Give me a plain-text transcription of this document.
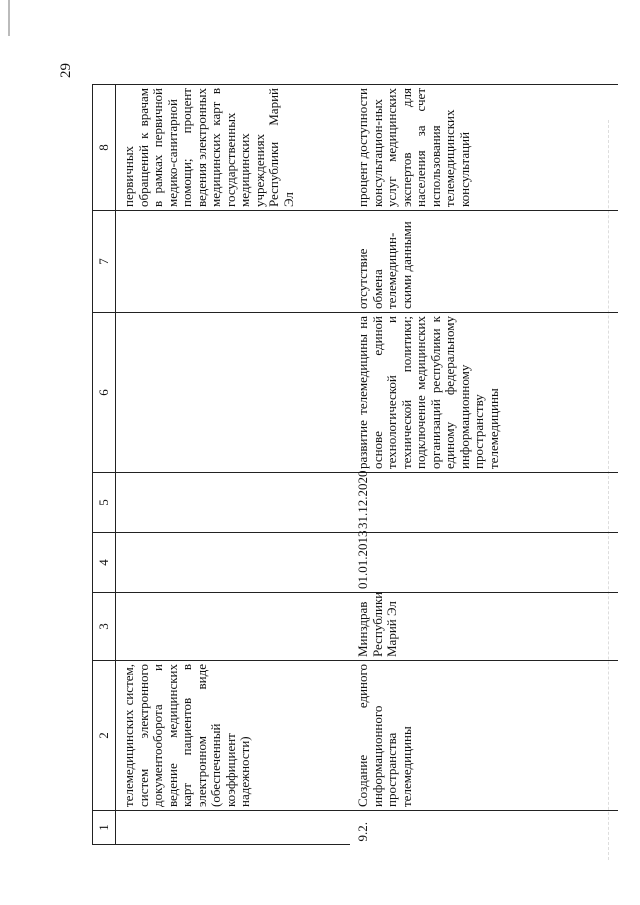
29
1	2	3	4	5	6	7	8
	телемедицинских систем, систем электронного документооборота и ведение медицинских карт пациентов в электронном виде (обеспеченный коэффициент надежности)						первичных обращений к врачам в рамках первичной медико-санитарной помощи; процент ведения электронных медицинских карт в государственных медицинских учреждениях Республики Марий Эл
9.2.	Создание единого информационного пространства телемедицины	Минздрав Республики Марий Эл	01.01.2013	31.12.2020	развитие телемедицины на основе единой технологической и технической политики; подключение медицинских организаций республики к единому федеральному информационному пространству телемедицины	отсутствие обмена телемедицин-скими данными	процент доступности консультацион-ных услуг медицинских экспертов для населения за счет использования телемедицинских консультаций
